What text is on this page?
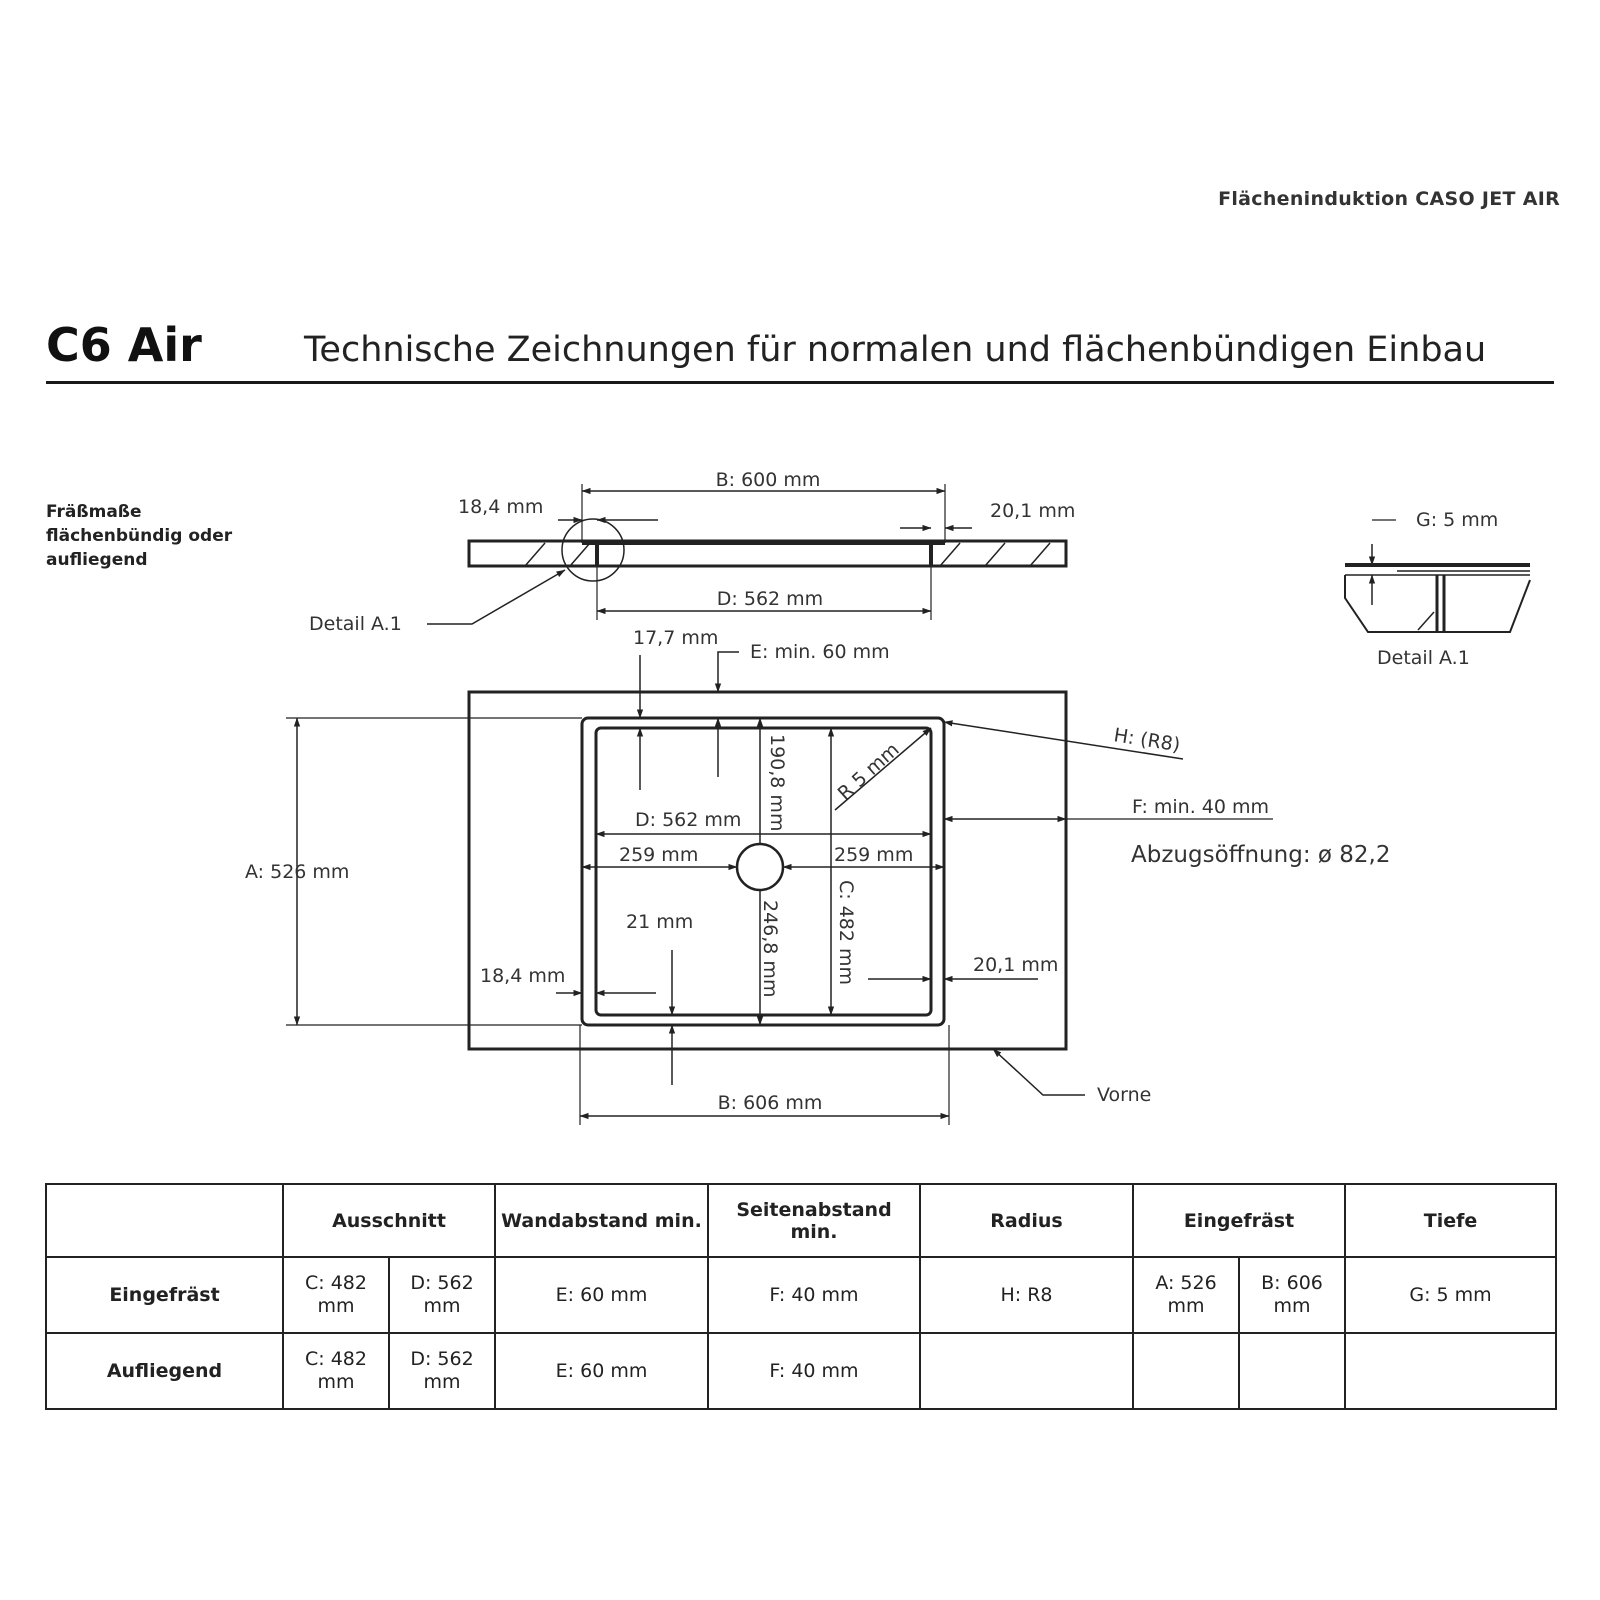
Flächeninduktion CASO JET AIR
C6 Air	Technische Zeichnungen für normalen und flächenbündigen Einbau
Fräßmaße
flächenbündig oder
aufliegend
B: 600 mm
18,4 mm	20,1 mm
D: 562 mm
Detail A.1
G: 5 mm
Detail A.1
17,7 mm
E: min. 60 mm
H: (R8)
R 5 mm
190,8 mm
D: 562 mm
259 mm	259 mm
F: min. 40 mm
Abzugsöffnung: ø 82,2
A: 526 mm
C: 482 mm
21 mm	246,8 mm
18,4 mm	20,1 mm
B: 606 mm	Vorne
	Ausschnitt		Wandabstand min.	Seitenabstand min.	Radius	Eingefräst		Tiefe
Eingefräst	C: 482 mm	D: 562 mm	E: 60 mm	F: 40 mm	H: R8	A: 526 mm	B: 606 mm	G: 5 mm
Aufliegend	C: 482 mm	D: 562 mm	E: 60 mm	F: 40 mm				
